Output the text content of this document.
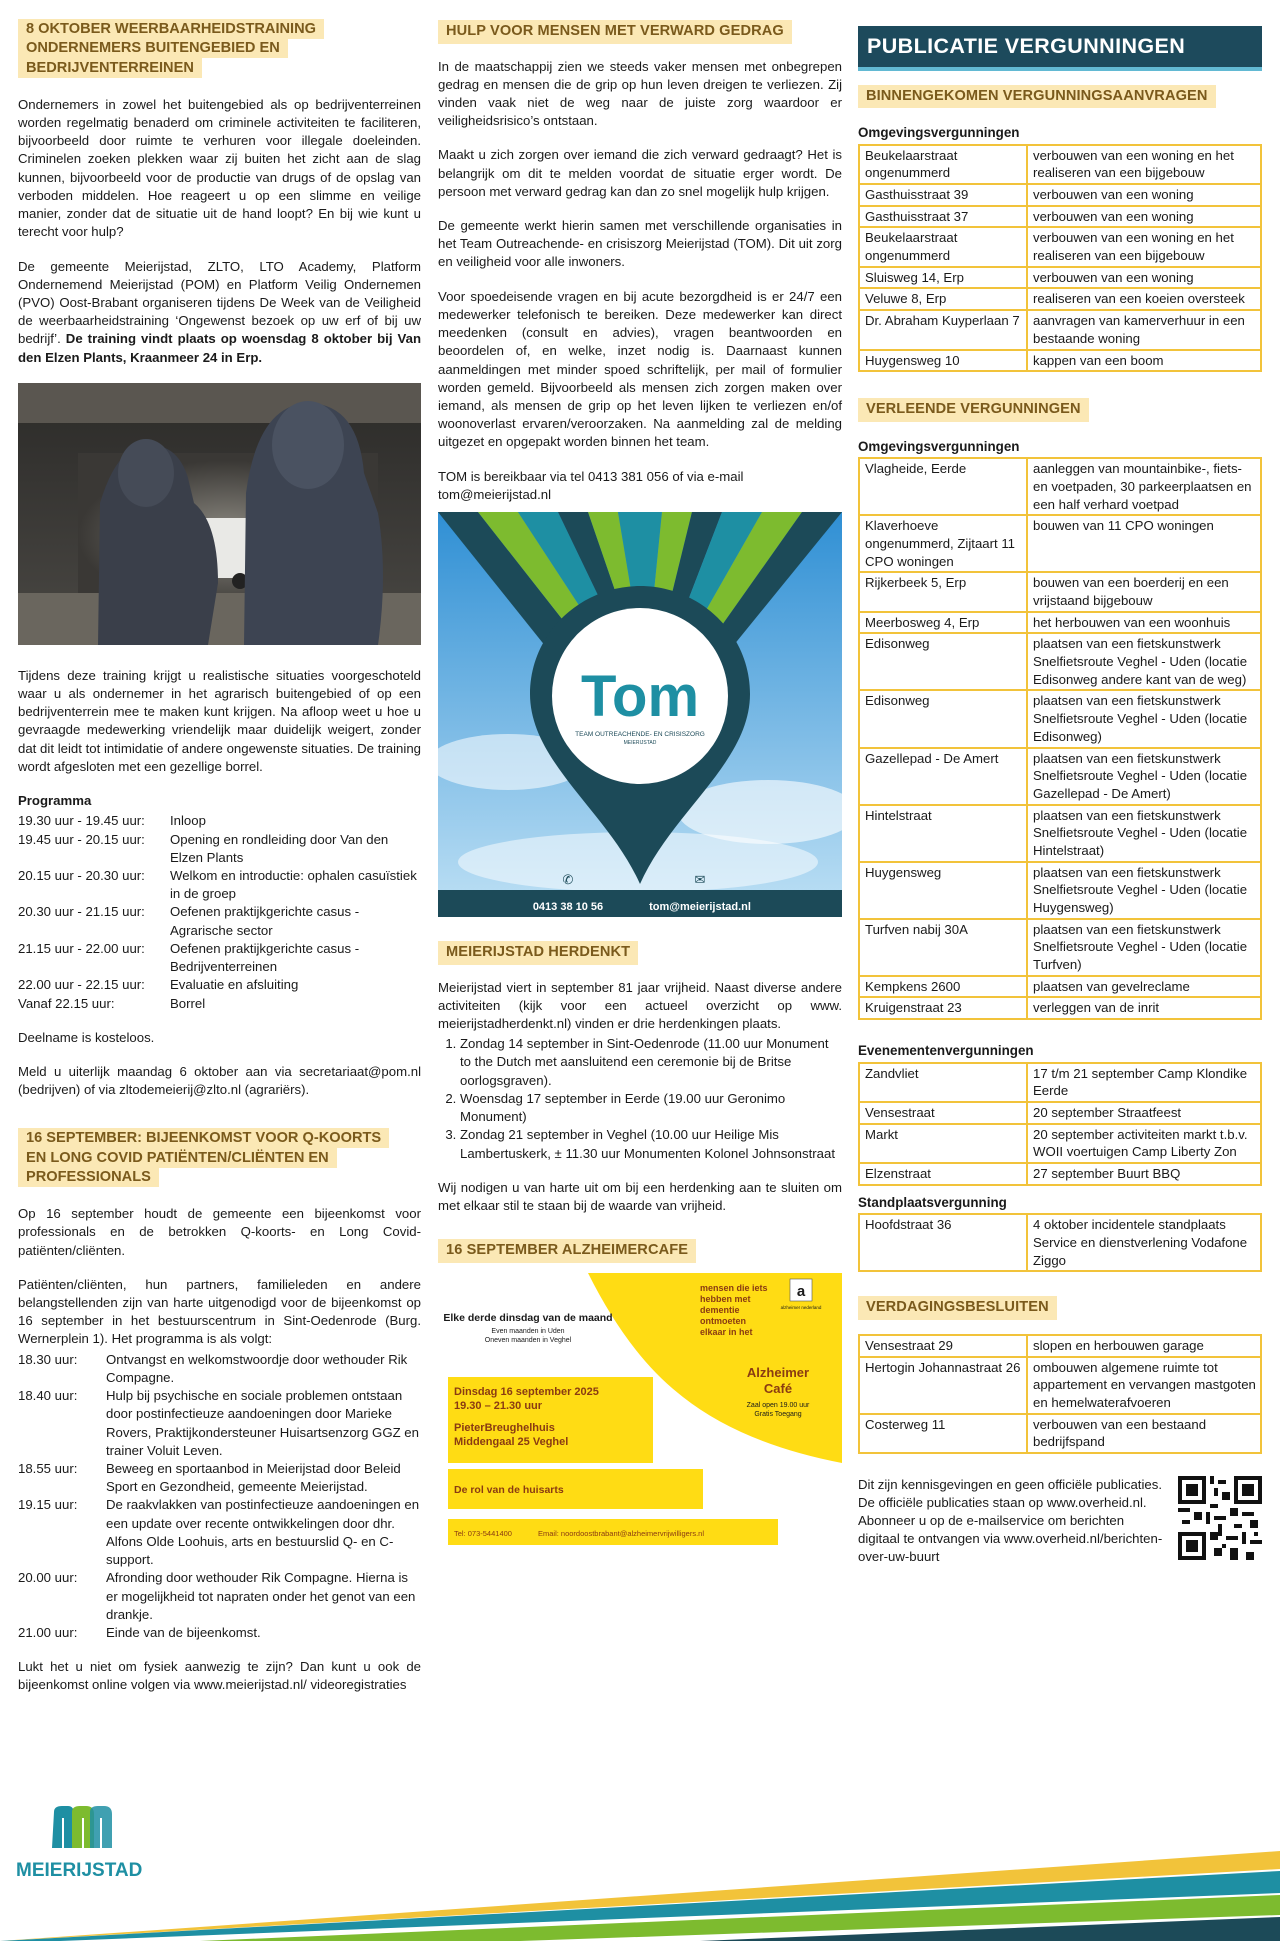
8 OKTOBER WEERBAARHEIDSTRAINING
ONDERNEMERS BUITENGEBIED EN
BEDRIJVENTERREINEN

Ondernemers in zowel het buitengebied als op bedrijventerreinen worden regelmatig benaderd om criminele activiteiten te faciliteren, bijvoorbeeld door ruimte te verhuren voor illegale doeleinden. Criminelen zoeken plekken waar zij buiten het zicht aan de slag kunnen, bijvoorbeeld voor de productie van drugs of de opslag van verboden middelen. Hoe reageert u op een slimme en veilige manier, zonder dat de situatie uit de hand loopt? En bij wie kunt u terecht voor hulp?

De gemeente Meierijstad, ZLTO, LTO Academy, Platform Ondernemend Meierijstad (POM) en Platform Veilig Ondernemen (PVO) Oost-Brabant organiseren tijdens De Week van de Veiligheid de weerbaarheidstraining ‘Ongewenst bezoek op uw erf of bij uw bedrijf’. De training vindt plaats op woensdag 8 oktober bij Van den Elzen Plants, Kraanmeer 24 in Erp.

Tijdens deze training krijgt u realistische situaties voorgeschoteld waar u als ondernemer in het agrarisch buitengebied of op een bedrijventerrein mee te maken kunt krijgen. Na afloop weet u hoe u gevraagde medewerking vriendelijk maar duidelijk weigert, zonder dat dit leidt tot intimidatie of andere ongewenste situaties. De training wordt afgesloten met een gezellige borrel.

Programma

19.30 uur - 19.45 uur:	Inloop
19.45 uur - 20.15 uur:	Opening en rondleiding door Van den Elzen Plants
20.15 uur - 20.30 uur:	Welkom en introductie: ophalen casuïstiek in de groep
20.30 uur - 21.15 uur:	Oefenen praktijkgerichte casus - Agrarische sector
21.15 uur - 22.00 uur:	Oefenen praktijkgerichte casus - Bedrijventerreinen
22.00 uur - 22.15 uur:	Evaluatie en afsluiting
Vanaf 22.15 uur:	Borrel

Deelname is kosteloos.

Meld u uiterlijk maandag 6 oktober aan via secretariaat@pom.nl (bedrijven) of via zltodemeierij@zlto.nl (agrariërs).

16 SEPTEMBER: BIJEENKOMST VOOR Q-KOORTS
EN LONG COVID PATIËNTEN/CLIËNTEN EN
PROFESSIONALS

Op 16 september houdt de gemeente een bijeenkomst voor professionals en de betrokken Q-koorts- en Long Covid-patiënten/cliënten.

Patiënten/cliënten, hun partners, familieleden en andere belangstellenden zijn van harte uitgenodigd voor de bijeenkomst op 16 september in het bestuurscentrum in Sint-Oedenrode (Burg. Wernerplein 1). Het programma is als volgt:

18.30 uur:	Ontvangst en welkomstwoordje door wethouder Rik Compagne.
18.40 uur:	Hulp bij psychische en sociale problemen ontstaan door postinfectieuze aandoeningen door Marieke Rovers, Praktijkondersteuner Huisartsenzorg GGZ en trainer Voluit Leven.
18.55 uur:	Beweeg en sportaanbod in Meierijstad door Beleid Sport en Gezondheid, gemeente Meierijstad.
19.15 uur:	De raakvlakken van postinfectieuze aandoeningen en een update over recente ontwikkelingen door dhr. Alfons Olde Loohuis, arts en bestuurslid Q- en C-support.
20.00 uur:	Afronding door wethouder Rik Compagne. Hierna is er mogelijkheid tot napraten onder het genot van een drankje.
21.00 uur:	Einde van de bijeenkomst.

Lukt het u niet om fysiek aanwezig te zijn? Dan kunt u ook de bijeenkomst online volgen via www.meierijstad.nl/ videoregistraties

HULP VOOR MENSEN MET VERWARD GEDRAG

In de maatschappij zien we steeds vaker mensen met onbegrepen gedrag en mensen die de grip op hun leven dreigen te verliezen. Zij vinden vaak niet de weg naar de juiste zorg waardoor er veiligheidsrisico’s ontstaan.

Maakt u zich zorgen over iemand die zich verward gedraagt? Het is belangrijk om dit te melden voordat de situatie erger wordt. De persoon met verward gedrag kan dan zo snel mogelijk hulp krijgen.

De gemeente werkt hierin samen met verschillende organisaties in het Team Outreachende- en crisiszorg Meierijstad (TOM). Dit uit zorg en veiligheid voor alle inwoners.

Voor spoedeisende vragen en bij acute bezorgdheid is er 24/7 een medewerker telefonisch te bereiken. Deze medewerker kan direct meedenken (consult en advies), vragen beantwoorden en beoordelen of, en welke, inzet nodig is. Daarnaast kunnen aanmeldingen met minder spoed schriftelijk, per mail of formulier worden gemeld. Bijvoorbeeld als mensen zich zorgen maken over iemand, als mensen de grip op het leven lijken te verliezen en/of woonoverlast ervaren/veroorzaken. Na aanmelding zal de melding uitgezet en opgepakt worden binnen het team.

TOM is bereikbaar via tel 0413 381 056 of via e-mail tom@meierijstad.nl

Tom
TEAM OUTREACHENDE- EN CRISISZORG
MEIERIJSTAD
✆
0413 38 10 56
✉
tom@meierijstad.nl
MEIERIJSTAD HERDENKT

Meierijstad viert in september 81 jaar vrijheid. Naast diverse andere activiteiten (kijk voor een actueel overzicht op www. meierijstadherdenkt.nl) vinden er drie herdenkingen plaats.

1. Zondag 14 september in Sint-Oedenrode (11.00 uur Monument to the Dutch met aansluitend een ceremonie bij de Britse oorlogsgraven).
2. Woensdag 17 september in Eerde (19.00 uur Geronimo Monument)
3. Zondag 21 september in Veghel (10.00 uur Heilige Mis Lambertuskerk, ± 11.30 uur Monumenten Kolonel Johnsonstraat

Wij nodigen u van harte uit om bij een herdenking aan te sluiten om met elkaar stil te staan bij de waarde van vrijheid.

16 SEPTEMBER ALZHEIMERCAFE
Elke derde dinsdag van de maand
Even maanden in Uden
Oneven maanden in Veghel
mensen die iets
hebben met
dementie
ontmoeten
elkaar in het
a
alzheimer nederland
Alzheimer
Café
Zaal open 19.00 uur
Gratis Toegang
Dinsdag 16 september 2025
19.30 – 21.30 uur
PieterBreughelhuis
Middengaal 25 Veghel
De rol van de huisarts
Tel: 073-5441400	Email: noordoostbrabant@alzheimervrijwilligers.nl
PUBLICATIE VERGUNNINGEN
BINNENGEKOMEN VERGUNNINGSAANVRAGEN
Omgevingsvergunningen
Beukelaarstraat ongenummerd	verbouwen van een woning en het realiseren van een bijgebouw
Gasthuisstraat 39	verbouwen van een woning
Gasthuisstraat 37	verbouwen van een woning
Beukelaarstraat ongenummerd	verbouwen van een woning en het realiseren van een bijgebouw
Sluisweg 14, Erp	verbouwen van een woning
Veluwe 8, Erp	realiseren van een koeien oversteek
Dr. Abraham Kuyperlaan 7	aanvragen van kamerverhuur in een bestaande woning
Huygensweg 10	kappen van een boom
VERLEENDE VERGUNNINGEN
Omgevingsvergunningen
Vlagheide, Eerde	aanleggen van mountainbike-, fiets- en voetpaden, 30 parkeerplaatsen en een half verhard voetpad
Klaverhoeve ongenummerd, Zijtaart 11 CPO woningen	bouwen van 11 CPO woningen
Rijkerbeek 5, Erp	bouwen van een boerderij en een vrijstaand bijgebouw
Meerbosweg 4, Erp	het herbouwen van een woonhuis
Edisonweg	plaatsen van een fietskunstwerk Snelfietsroute Veghel - Uden (locatie Edisonweg andere kant van de weg)
Edisonweg	plaatsen van een fietskunstwerk Snelfietsroute Veghel - Uden (locatie Edisonweg)
Gazellepad - De Amert	plaatsen van een fietskunstwerk Snelfietsroute Veghel - Uden (locatie Gazellepad - De Amert)
Hintelstraat	plaatsen van een fietskunstwerk Snelfietsroute Veghel - Uden (locatie Hintelstraat)
Huygensweg	plaatsen van een fietskunstwerk Snelfietsroute Veghel - Uden (locatie Huygensweg)
Turfven nabij 30A	plaatsen van een fietskunstwerk Snelfietsroute Veghel - Uden (locatie Turfven)
Kempkens 2600	plaatsen van gevelreclame
Kruigenstraat 23	verleggen van de inrit
Evenementenvergunningen
Zandvliet	17 t/m 21 september Camp Klondike Eerde
Vensestraat	20 september Straatfeest
Markt	20 september activiteiten markt t.b.v. WOII voertuigen Camp Liberty Zon
Elzenstraat	27 september Buurt BBQ
Standplaatsvergunning
Hoofdstraat 36	4 oktober incidentele standplaats Service en dienstverlening Vodafone Ziggo
VERDAGINGSBESLUITEN
Vensestraat 29	slopen en herbouwen garage
Hertogin Johannastraat 26	ombouwen algemene ruimte tot appartement en vervangen mastgoten en hemelwaterafvoeren
Costerweg 11	verbouwen van een bestaand bedrijfspand
Dit zijn kennisgevingen en geen officiële publicaties. De officiële publicaties staan op www.overheid.nl. Abonneer u op de e-mailservice om berichten digitaal te ontvangen via www.overheid.nl/berichten-over-uw-buurt
MEIERIJSTAD
